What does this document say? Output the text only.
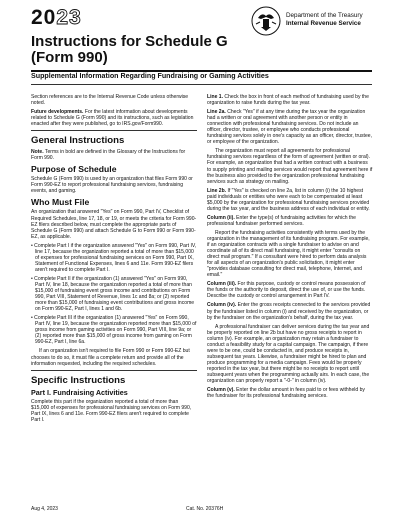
2023	Department of the Treasury
Internal Revenue Service
Instructions for Schedule G
(Form 990)
Supplemental Information Regarding Fundraising or Gaming Activities

Section references are to the Internal Revenue Code unless otherwise noted.

Future developments. For the latest information about developments related to Schedule G (Form 990) and its instructions, such as legislation enacted after they were published, go to IRS.gov/Form990.

General Instructions

Note. Terms in bold are defined in the Glossary of the Instructions for Form 990.

Purpose of Schedule

Schedule G (Form 990) is used by an organization that files Form 990 or Form 990-EZ to report professional fundraising services, fundraising events, and gaming.

Who Must File

An organization that answered "Yes" on Form 990, Part IV, Checklist of Required Schedules, line 17, 18, or 19, or meets the criteria for Form 990-EZ filers described below, must complete the appropriate parts of Schedule G (Form 990) and attach Schedule G to Form 990 or Form 990-EZ, as applicable.

• Complete Part I if the organization answered "Yes" on Form 990, Part IV, line 17, because the organization reported a total of more than $15,000 of expenses for professional fundraising services on Form 990, Part IX, Statement of Functional Expenses, lines 6 and 11e. Form 990-EZ filers aren't required to complete Part I.

• Complete Part II if the organization (1) answered "Yes" on Form 990, Part IV, line 18, because the organization reported a total of more than $15,000 of fundraising event gross income and contributions on Form 990, Part VIII, Statement of Revenue, lines 1c and 8a; or (2) reported more than $15,000 of fundraising event contributions and gross income on Form 990-EZ, Part I, lines 1 and 6b.

• Complete Part III if the organization (1) answered "Yes" on Form 990, Part IV, line 19, because the organization reported more than $15,000 of gross income from gaming activities on Form 990, Part VIII, line 9a; or (2) reported more than $15,000 of gross income from gaming on Form 990-EZ, Part I, line 6a.

If an organization isn't required to file Form 990 or Form 990-EZ but chooses to do so, it must file a complete return and provide all of the information requested, including the required schedules.

Specific Instructions
Part I. Fundraising Activities

Complete this part if the organization reported a total of more than $15,000 of expenses for professional fundraising services on Form 990, Part IX, lines 6 and 11e. Form 990-EZ filers aren't required to complete Part I.

Line 1. Check the box in front of each method of fundraising used by the organization to raise funds during the tax year.

Line 2a. Check "Yes" if at any time during the tax year the organization had a written or oral agreement with another person or entity in connection with professional fundraising services. Do not include an officer, director, trustee, or employee who conducts professional fundraising services solely in one's capacity as an officer, director, trustee, or employee of the organization.

The organization must report all agreements for professional fundraising services regardless of the form of agreement (written or oral). For example, an organization that had a written contract with a business to supply printing and mailing services would report that agreement here if the business also provided to the organization professional fundraising services such as strategy on mailing.

Line 2b. If "Yes" is checked on line 2a, list in column (i) the 10 highest paid individuals or entities who were each to be compensated at least $5,000 by the organization for professional fundraising services provided during the tax year, and the business address of each individual or entity.

Column (ii). Enter the type(s) of fundraising activities for which the professional fundraiser performed services.

Report the fundraising activities consistently with terms used by the organization in the management of its fundraising program. For example, if an organization contracts with a single fundraiser to advise on and coordinate all of its direct mail fundraising, it might enter "consults on direct mail program." If a consultant were hired to perform data analysis for all aspects of an organization's public solicitation, it might enter "provides database consulting for direct mail, telephone, Internet, and email."

Column (iii). For this purpose, custody or control means possession of the funds or the authority to deposit, direct the use of, or use the funds. Describe the custody or control arrangement in Part IV.

Column (iv). Enter the gross receipts connected to the services provided by the fundraiser listed in column (i) and received by the organization, or by the fundraiser on the organization's behalf, during the tax year.

A professional fundraiser can deliver services during the tax year and be properly reported on line 2b but have no gross receipts to report in column (iv). For example, an organization may retain a fundraiser to conduct a feasibility study for a capital campaign. The campaign, if there were to be one, could be conducted in, and produce receipts in, subsequent tax years. Likewise, a fundraiser might be hired to plan and produce programming for a media campaign. Fees would be properly reported in the tax year, but there might be no receipts to report until subsequent years when the programming actually airs. In each case, the organization can properly report a "-0-" in column (iv).

Column (v). Enter the dollar amount in fees paid to or fees withheld by the fundraiser for its professional fundraising services.

Aug 4, 2023	Cat. No. 20376H
